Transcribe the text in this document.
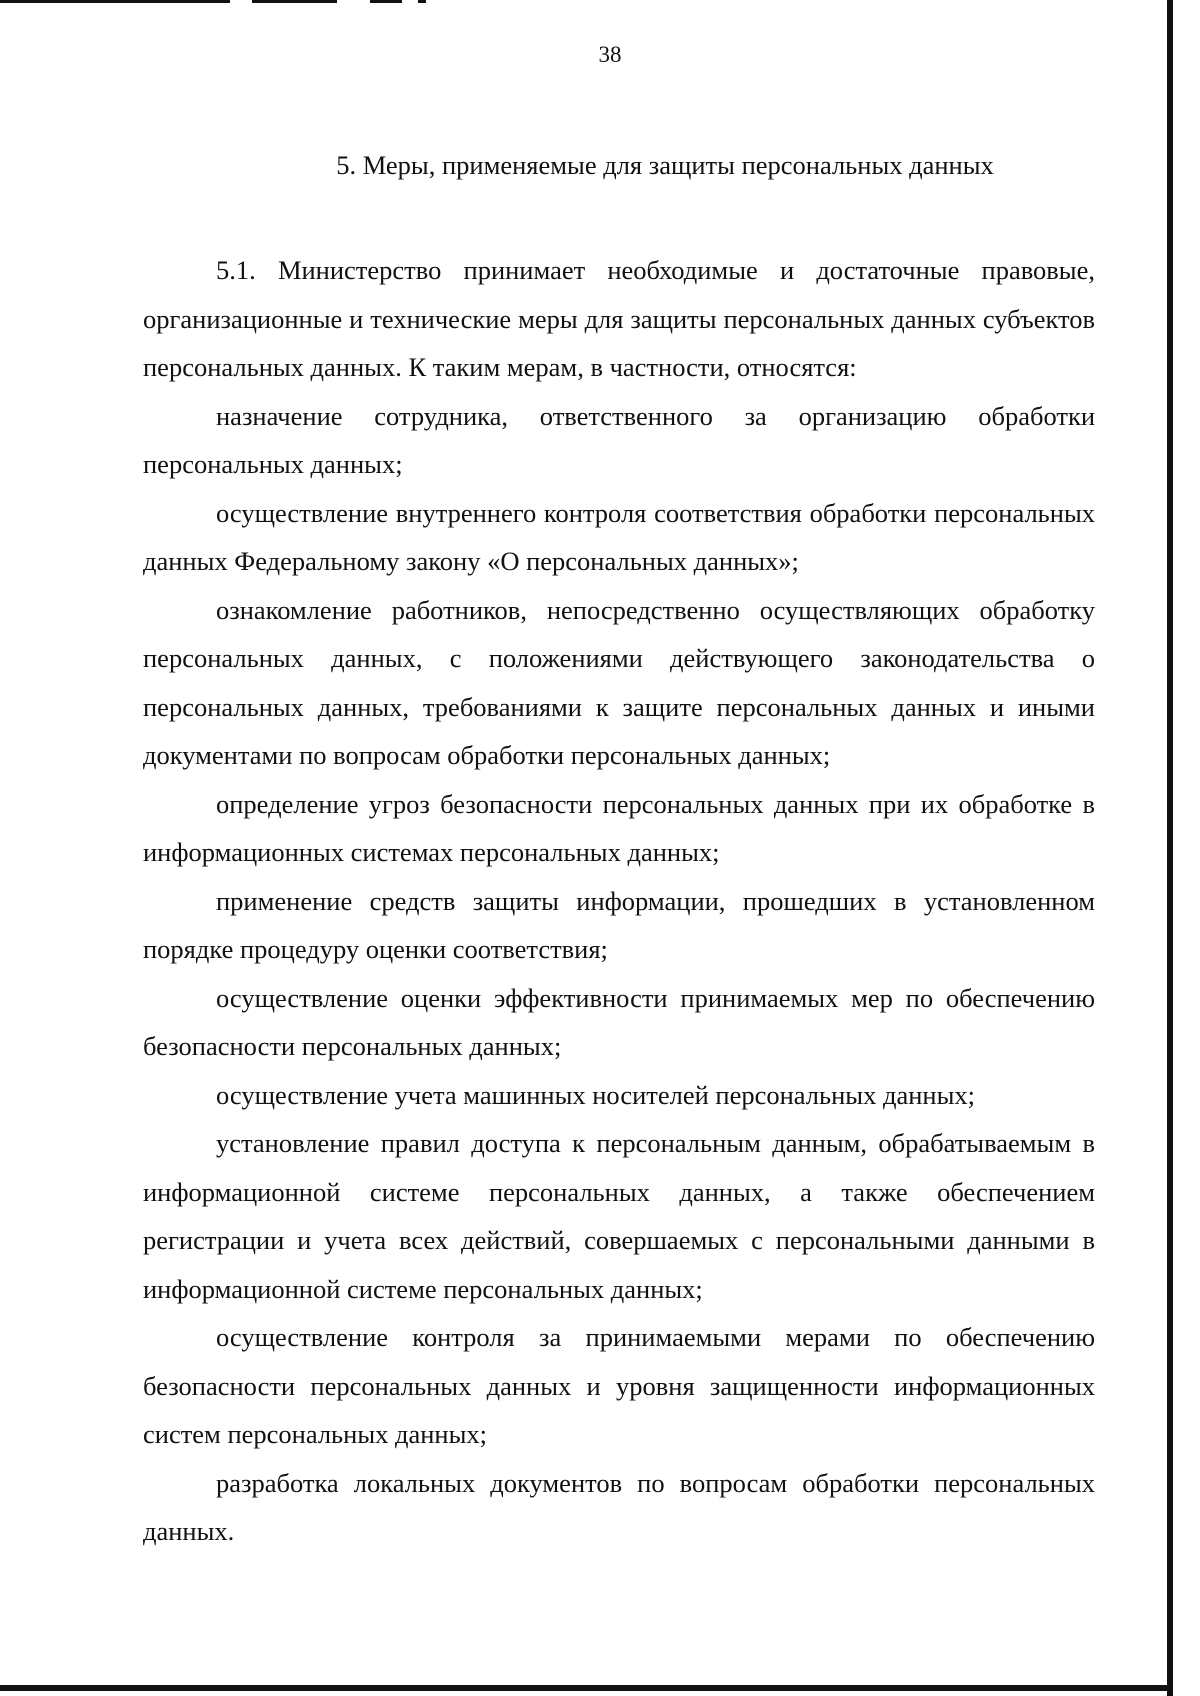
38
5. Меры, применяемые для защиты персональных данных

5.1. Министерство принимает необходимые и достаточные правовые, организационные и технические меры для защиты персональных данных субъектов персональных данных. К таким мерам, в частности, относятся:

назначение сотрудника, ответственного за организацию обработки персональных данных;

осуществление внутреннего контроля соответствия обработки персональных данных Федеральному закону «О персональных данных»;

ознакомление работников, непосредственно осуществляющих обработку персональных данных, с положениями действующего законодательства о персональных данных, требованиями к защите персональных данных и иными документами по вопросам обработки персональных данных;

определение угроз безопасности персональных данных при их обработке в информационных системах персональных данных;

применение средств защиты информации, прошедших в установленном порядке процедуру оценки соответствия;

осуществление оценки эффективности принимаемых мер по обеспечению безопасности персональных данных;

осуществление учета машинных носителей персональных данных;

установление правил доступа к персональным данным, обрабатываемым в информационной системе персональных данных, а также обеспечением регистрации и учета всех действий, совершаемых с персональными данными в информационной системе персональных данных;

осуществление контроля за принимаемыми мерами по обеспечению безопасности персональных данных и уровня защищенности информационных систем персональных данных;

разработка локальных документов по вопросам обработки персональных данных.
